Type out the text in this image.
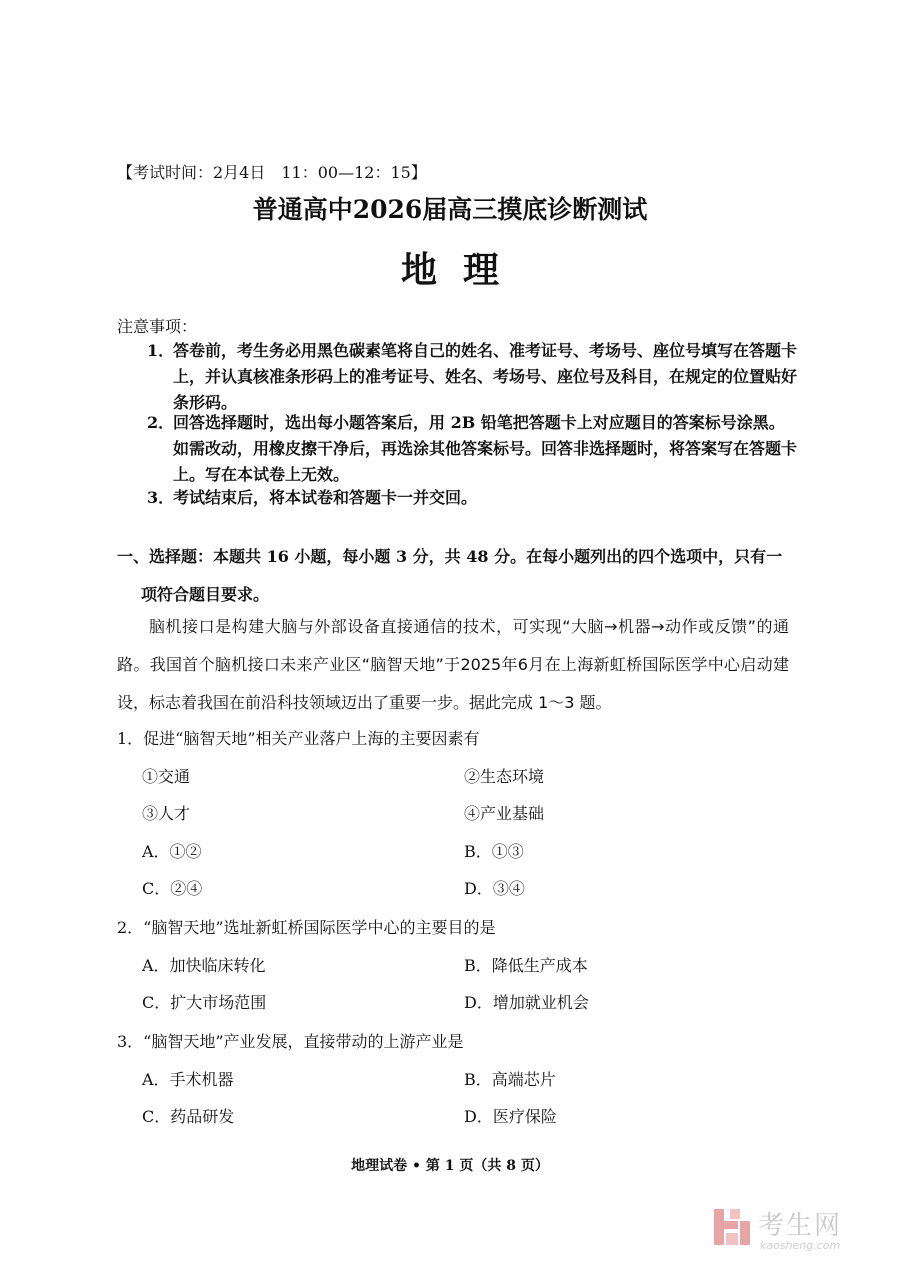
【考试时间：2月4日　11：00—12：15】
普通高中2026届高三摸底诊断测试
地理
注意事项：
1．
答卷前，考生务必用黑色碳素笔将自己的姓名、准考证号、考场号、座位号填写在答题卡上，并认真核准条形码上的准考证号、姓名、考场号、座位号及科目，在规定的位置贴好条形码。
2．
回答选择题时，选出每小题答案后，用 2B 铅笔把答题卡上对应题目的答案标号涂黑。如需改动，用橡皮擦干净后，再选涂其他答案标号。回答非选择题时，将答案写在答题卡上。写在本试卷上无效。
3．
考试结束后，将本试卷和答题卡一并交回。
一、选择题：本题共 16 小题，每小题 3 分，共 48 分。在每小题列出的四个选项中，只有一
项符合题目要求。
脑机接口是构建大脑与外部设备直接通信的技术，可实现“大脑→机器→动作或反馈”的通路。我国首个脑机接口未来产业区“脑智天地”于2025年6月在上海新虹桥国际医学中心启动建设，标志着我国在前沿科技领域迈出了重要一步。据此完成 1～3 题。
1．促进“脑智天地”相关产业落户上海的主要因素有
①交通	②生态环境
③人才	④产业基础
A．①②	B．①③
C．②④	D．③④
2．“脑智天地”选址新虹桥国际医学中心的主要目的是
A．加快临床转化	B．降低生产成本
C．扩大市场范围	D．增加就业机会
3．“脑智天地”产业发展，直接带动的上游产业是
A．手术机器	B．高端芯片
C．药品研发	D．医疗保险
地理试卷 • 第 1 页（共 8 页）
考生网
kaosheng.com
